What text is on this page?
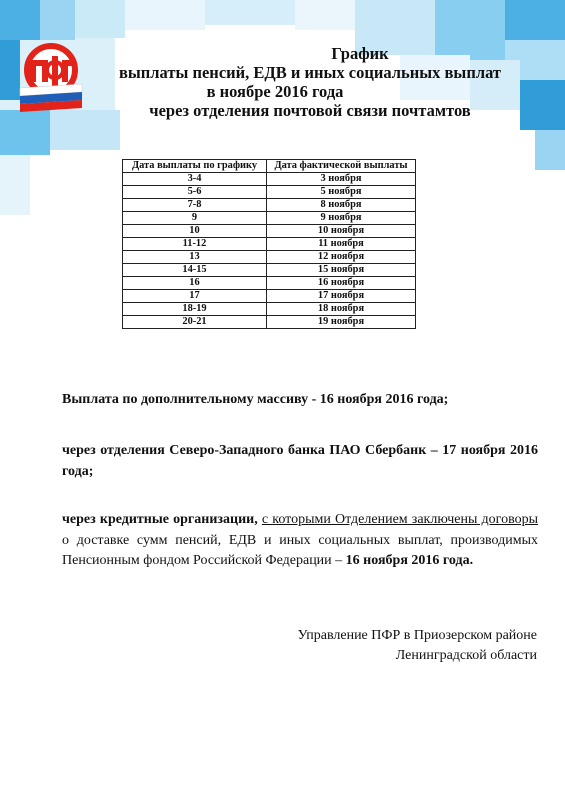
График
выплаты пенсий, ЕДВ и иных социальных выплат
в ноябре 2016 года
через отделения почтовой связи почтамтов
Дата выплаты по графику	Дата фактической выплаты
3-4	3 ноября
5-6	5 ноября
7-8	8 ноября
9	9 ноября
10	10 ноября
11-12	11 ноября
13	12 ноября
14-15	15 ноября
16	16 ноября
17	17 ноября
18-19	18 ноября
20-21	19 ноября
Выплата по дополнительному массиву - 16 ноября 2016 года;
через отделения Северо-Западного банка ПАО Сбербанк – 17 ноября 2016 года;
через кредитные организации, с которыми Отделением заключены договоры о доставке сумм пенсий, ЕДВ и иных социальных выплат, производимых Пенсионным фондом Российской Федерации – 16 ноября 2016 года.
Управление ПФР в Приозерском районе
Ленинградской области
